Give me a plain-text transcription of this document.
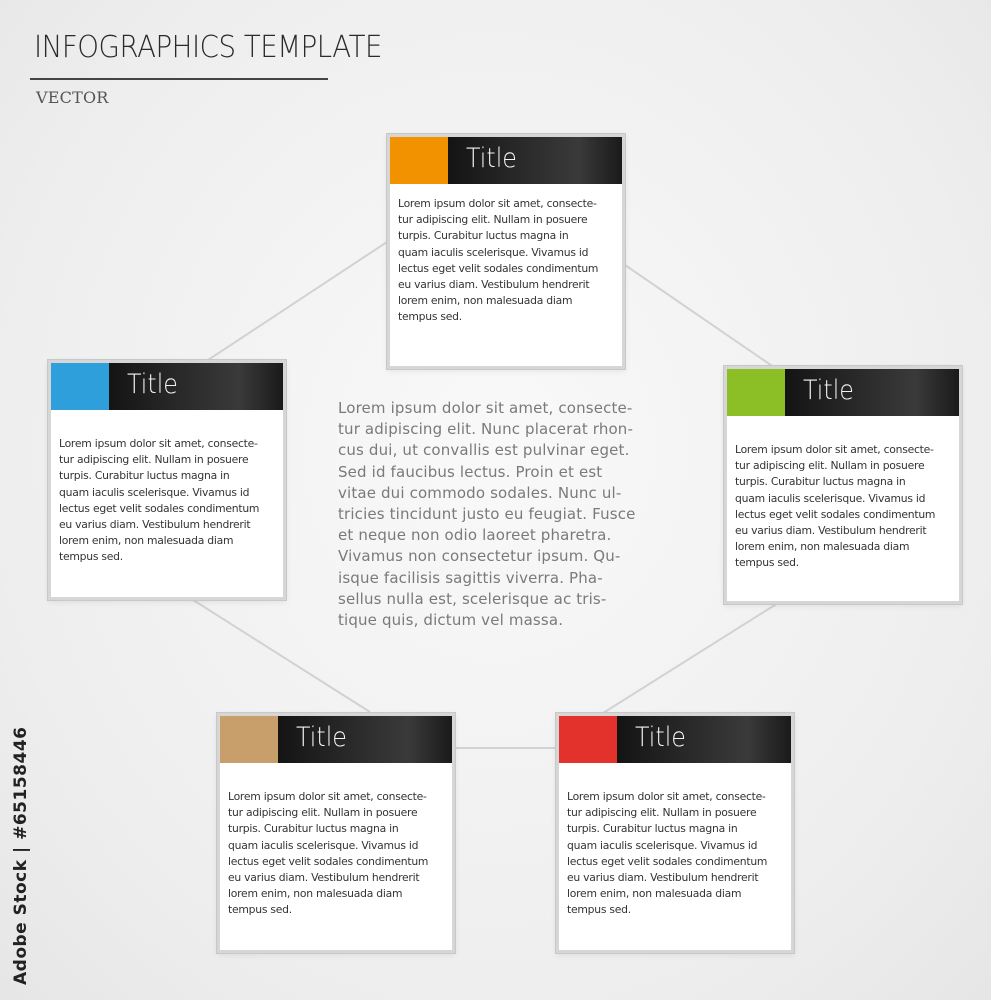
INFOGRAPHICS TEMPLATE
VECTOR
Title
Lorem ipsum dolor sit amet, consecte-
tur adipiscing elit. Nullam in posuere
turpis. Curabitur luctus magna in
quam iaculis scelerisque. Vivamus id
lectus eget velit sodales condimentum
eu varius diam. Vestibulum hendrerit
lorem enim, non malesuada diam
tempus sed.
Title
Lorem ipsum dolor sit amet, consecte-
tur adipiscing elit. Nullam in posuere
turpis. Curabitur luctus magna in
quam iaculis scelerisque. Vivamus id
lectus eget velit sodales condimentum
eu varius diam. Vestibulum hendrerit
lorem enim, non malesuada diam
tempus sed.
Title
Lorem ipsum dolor sit amet, consecte-
tur adipiscing elit. Nullam in posuere
turpis. Curabitur luctus magna in
quam iaculis scelerisque. Vivamus id
lectus eget velit sodales condimentum
eu varius diam. Vestibulum hendrerit
lorem enim, non malesuada diam
tempus sed.
Title
Lorem ipsum dolor sit amet, consecte-
tur adipiscing elit. Nullam in posuere
turpis. Curabitur luctus magna in
quam iaculis scelerisque. Vivamus id
lectus eget velit sodales condimentum
eu varius diam. Vestibulum hendrerit
lorem enim, non malesuada diam
tempus sed.
Title
Lorem ipsum dolor sit amet, consecte-
tur adipiscing elit. Nullam in posuere
turpis. Curabitur luctus magna in
quam iaculis scelerisque. Vivamus id
lectus eget velit sodales condimentum
eu varius diam. Vestibulum hendrerit
lorem enim, non malesuada diam
tempus sed.
Lorem ipsum dolor sit amet, consecte-
tur adipiscing elit. Nunc placerat rhon-
cus dui, ut convallis est pulvinar eget.
Sed id faucibus lectus. Proin et est
vitae dui commodo sodales. Nunc ul-
tricies tincidunt justo eu feugiat. Fusce
et neque non odio laoreet pharetra.
Vivamus non consectetur ipsum. Qu-
isque facilisis sagittis viverra. Pha-
sellus nulla est, scelerisque ac tris-
tique quis, dictum vel massa.
Adobe Stock | #65158446
